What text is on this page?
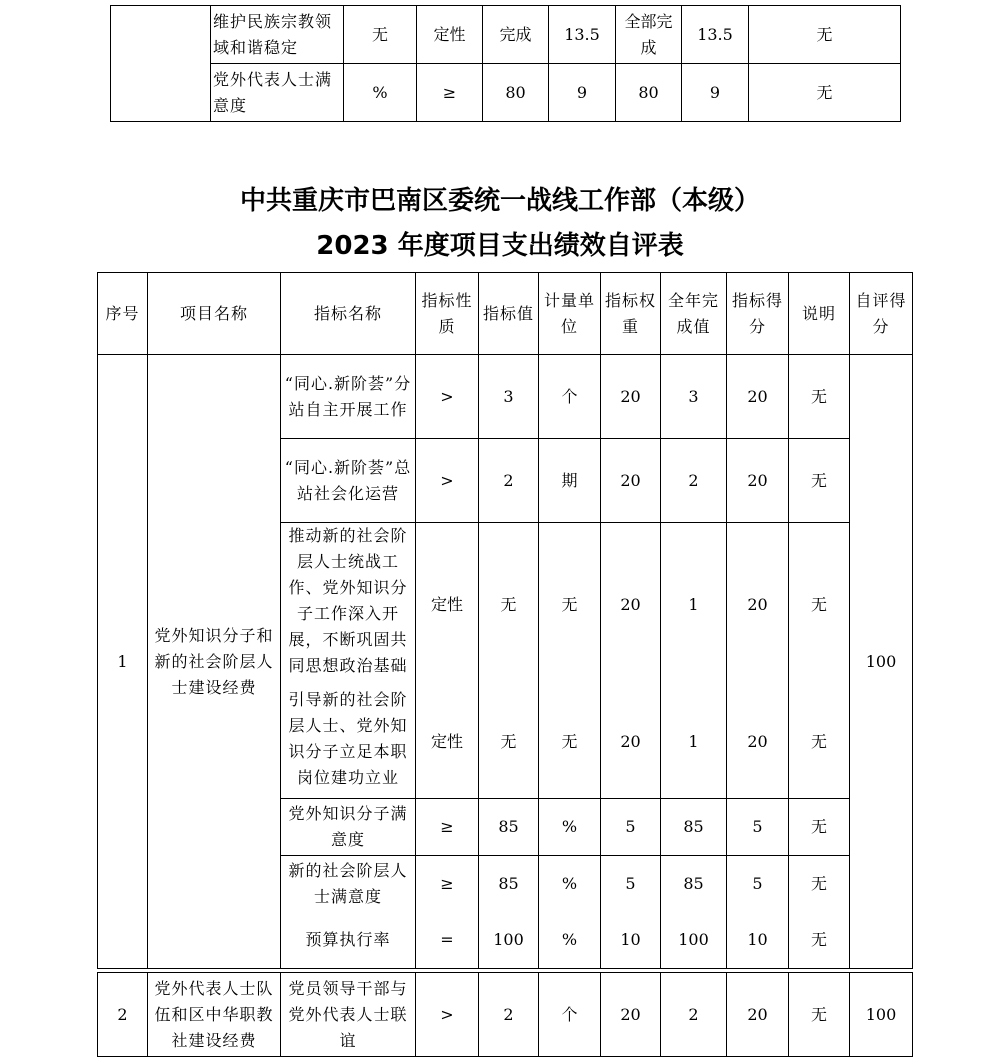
	维护民族宗教领域和谐稳定	无	定性	完成	13.5	全部完成	13.5	无
	党外代表人士满意度	%	≥	80	9	80	9	无
中共重庆市巴南区委统一战线工作部（本级）
2023 年度项目支出绩效自评表
序号	项目名称	指标名称	指标性质	指标值	计量单位	指标权重	全年完成值	指标得分	说明	自评得分
1	党外知识分子和新的社会阶层人士建设经费	“同心.新阶荟”分站自主开展工作	>	3	个	20	3	20	无	100
		“同心.新阶荟”总站社会化运营	>	2	期	20	2	20	无	
		推动新的社会阶层人士统战工作、党外知识分子工作深入开展，不断巩固共同思想政治基础	定性	无	无	20	1	20	无	
		引导新的社会阶层人士、党外知识分子立足本职岗位建功立业	定性	无	无	20	1	20	无	
		党外知识分子满意度	≥	85	%	5	85	5	无	
		新的社会阶层人士满意度	≥	85	%	5	85	5	无	
		预算执行率	=	100	%	10	100	10	无	

2	党外代表人士队伍和区中华职教社建设经费	党员领导干部与党外代表人士联谊	>	2	个	20	2	20	无	100
